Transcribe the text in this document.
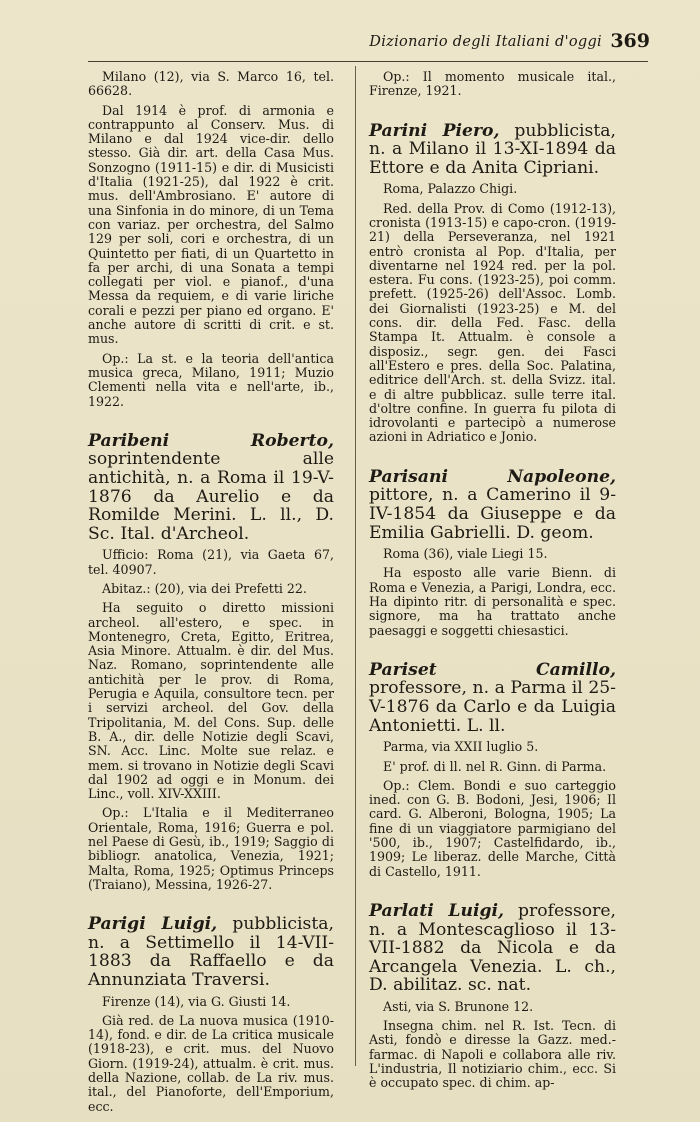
Dizionario degli Italiani d'oggi 369

Milano (12), via S. Marco 16, tel. 66628.

Dal 1914 è prof. di armonia e contrappunto al Conserv. Mus. di Milano e dal 1924 vice-dir. dello stesso. Già dir. art. della Casa Mus. Sonzogno (1911-15) e dir. di Musicisti d'Italia (1921-25), dal 1922 è crit. mus. dell'Ambrosiano. E' autore di una Sinfonia in do minore, di un Tema con variaz. per orchestra, del Salmo 129 per soli, cori e orchestra, di un Quintetto per fiati, di un Quartetto in fa per archi, di una Sonata a tempi collegati per viol. e pianof., d'una Messa da requiem, e di varie liriche corali e pezzi per piano ed organo. E' anche autore di scritti di crit. e st. mus.

Op.: La st. e la teoria dell'antica musica greca, Milano, 1911; Muzio Clementi nella vita e nell'arte, ib., 1922.

Paribeni Roberto, soprintendente alle antichità, n. a Roma il 19-V-1876 da Aurelio e da Romilde Merini. L. ll., D. Sc. Ital. d'Archeol.

Ufficio: Roma (21), via Gaeta 67, tel. 40907.

Abitaz.: (20), via dei Prefetti 22.

Ha seguito o diretto missioni archeol. all'estero, e spec. in Montenegro, Creta, Egitto, Eritrea, Asia Minore. Attualm. è dir. del Mus. Naz. Romano, soprintendente alle antichità per le prov. di Roma, Perugia e Aquila, consultore tecn. per i servizi archeol. del Gov. della Tripolitania, M. del Cons. Sup. delle B. A., dir. delle Notizie degli Scavi, SN. Acc. Linc. Molte sue relaz. e mem. si trovano in Notizie degli Scavi dal 1902 ad oggi e in Monum. dei Linc., voll. XIV-XXIII.

Op.: L'Italia e il Mediterraneo Orientale, Roma, 1916; Guerra e pol. nel Paese di Gesù, ib., 1919; Saggio di bibliogr. anatolica, Venezia, 1921; Malta, Roma, 1925; Optimus Princeps (Traiano), Messina, 1926-27.

Parigi Luigi, pubblicista, n. a Settimello il 14-VII-1883 da Raffaello e da Annunziata Traversi.

Firenze (14), via G. Giusti 14.

Già red. de La nuova musica (1910-14), fond. e dir. de La critica musicale (1918-23), e crit. mus. del Nuovo Giorn. (1919-24), attualm. è crit. mus. della Nazione, collab. de La riv. mus. ital., del Pianoforte, dell'Emporium, ecc.

Op.: Il momento musicale ital., Firenze, 1921.

Parini Piero, pubblicista, n. a Milano il 13-XI-1894 da Ettore e da Anita Cipriani.

Roma, Palazzo Chigi.

Red. della Prov. di Como (1912-13), cronista (1913-15) e capo-cron. (1919-21) della Perseveranza, nel 1921 entrò cronista al Pop. d'Italia, per diventarne nel 1924 red. per la pol. estera. Fu cons. (1923-25), poi comm. prefett. (1925-26) dell'Assoc. Lomb. dei Giornalisti (1923-25) e M. del cons. dir. della Fed. Fasc. della Stampa It. Attualm. è console a disposiz., segr. gen. dei Fasci all'Estero e pres. della Soc. Palatina, editrice dell'Arch. st. della Svizz. ital. e di altre pubblicaz. sulle terre ital. d'oltre confine. In guerra fu pilota di idrovolanti e partecipò a numerose azioni in Adriatico e Jonio.

Parisani Napoleone, pittore, n. a Camerino il 9-IV-1854 da Giuseppe e da Emilia Gabrielli. D. geom.

Roma (36), viale Liegi 15.

Ha esposto alle varie Bienn. di Roma e Venezia, a Parigi, Londra, ecc. Ha dipinto ritr. di personalità e spec. signore, ma ha trattato anche paesaggi e soggetti chiesastici.

Pariset Camillo, professore, n. a Parma il 25-V-1876 da Carlo e da Luigia Antonietti. L. ll.

Parma, via XXII luglio 5.

E' prof. di ll. nel R. Ginn. di Parma.

Op.: Clem. Bondi e suo carteggio ined. con G. B. Bodoni, Jesi, 1906; Il card. G. Alberoni, Bologna, 1905; La fine di un viaggiatore parmigiano del '500, ib., 1907; Castelfidardo, ib., 1909; Le liberaz. delle Marche, Città di Castello, 1911.

Parlati Luigi, professore, n. a Montescaglioso il 13-VII-1882 da Nicola e da Arcangela Venezia. L. ch., D. abilitaz. sc. nat.

Asti, via S. Brunone 12.

Insegna chim. nel R. Ist. Tecn. di Asti, fondò e diresse la Gazz. med.-farmac. di Napoli e collabora alle riv. L'industria, Il notiziario chim., ecc. Si è occupato spec. di chim. ap-
